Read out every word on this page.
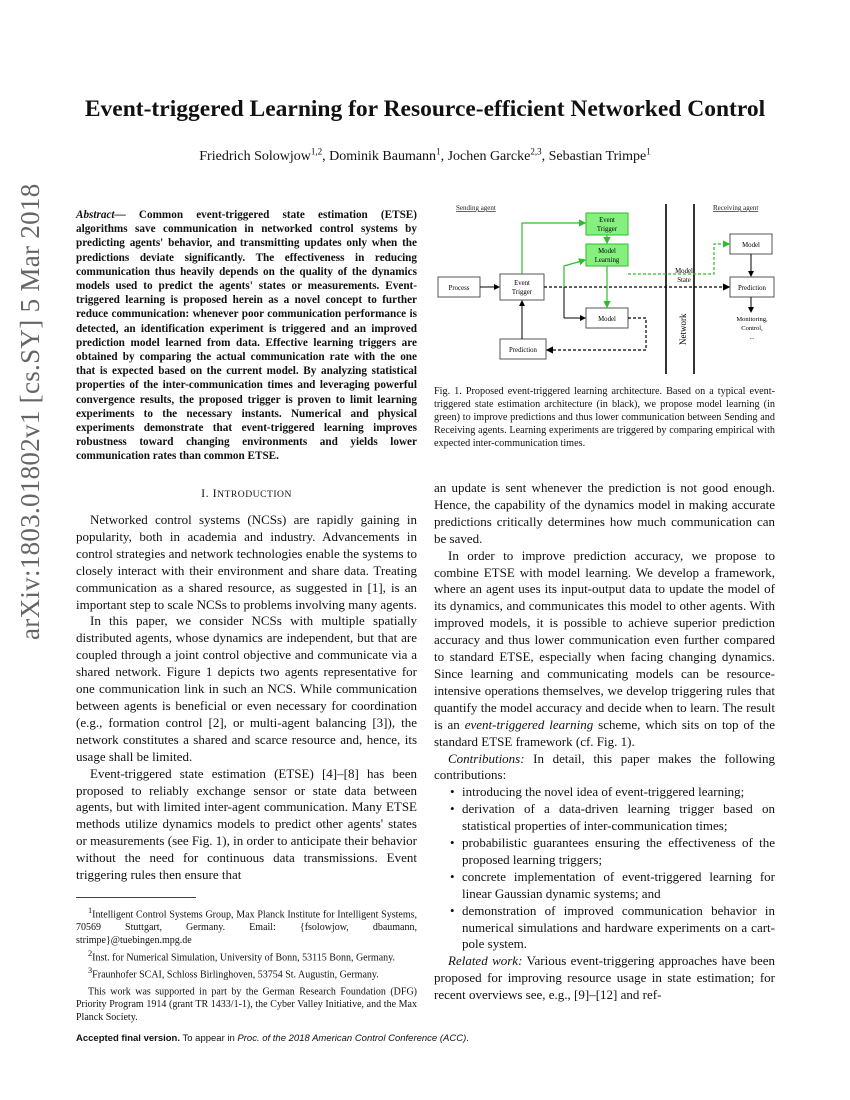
arXiv:1803.01802v1 [cs.SY] 5 Mar 2018
Event-triggered Learning for Resource-efficient Networked Control
Friedrich Solowjow$^{1,2}$, Dominik Baumann$^1$, Jochen Garcke$^{2,3}$, Sebastian Trimpe$^1$
Abstract— Common event-triggered state estimation (ETSE) algorithms save communication in networked control systems by predicting agents' behavior, and transmitting updates only when the predictions deviate significantly. The effectiveness in reducing communication thus heavily depends on the quality of the dynamics models used to predict the agents' states or measurements. Event-triggered learning is proposed herein as a novel concept to further reduce communication: whenever poor communication performance is detected, an identification experiment is triggered and an improved prediction model learned from data. Effective learning triggers are obtained by comparing the actual communication rate with the one that is expected based on the current model. By analyzing statistical properties of the inter-communication times and leveraging powerful convergence results, the proposed trigger is proven to limit learning experiments to the necessary instants. Numerical and physical experiments demonstrate that event-triggered learning improves robustness toward changing environments and yields lower communication rates than common ETSE.
I. INTRODUCTION

Networked control systems (NCSs) are rapidly gaining in popularity, both in academia and industry. Advancements in control strategies and network technologies enable the systems to closely interact with their environment and share data. Treating communication as a shared resource, as suggested in [1], is an important step to scale NCSs to problems involving many agents.

In this paper, we consider NCSs with multiple spatially distributed agents, whose dynamics are independent, but that are coupled through a joint control objective and communicate via a shared network. Figure 1 depicts two agents representative for one communication link in such an NCS. While communication between agents is beneficial or even necessary for coordination (e.g., formation control [2], or multi-agent balancing [3]), the network constitutes a shared and scarce resource and, hence, its usage shall be limited.

Event-triggered state estimation (ETSE) [4]–[8] has been proposed to reliably exchange sensor or state data between agents, but with limited inter-agent communication. Many ETSE methods utilize dynamics models to predict other agents' states or measurements (see Fig. 1), in order to anticipate their behavior without the need for continuous data transmissions. Event triggering rules then ensure that

$^1$Intelligent Control Systems Group, Max Planck Institute for Intelligent Systems, 70569 Stuttgart, Germany. Email: {fsolowjow, dbaumann, strimpe}@tuebingen.mpg.de

$^2$Inst. for Numerical Simulation, University of Bonn, 53115 Bonn, Germany.

$^3$Fraunhofer SCAI, Schloss Birlinghoven, 53754 St. Augustin, Germany.

This work was supported in part by the German Research Foundation (DFG) Priority Program 1914 (grant TR 1433/1-1), the Cyber Valley Initiative, and the Max Planck Society.

Sending agent	Receiving agent
Network
Event
Trigger
Model
Learning
Process
Event
Trigger
Model
Prediction
Model
Prediction
Model
State
Monitoring,
Control,
...
Fig. 1. Proposed event-triggered learning architecture. Based on a typical event-triggered state estimation architecture (in black), we propose model learning (in green) to improve predictions and thus lower communication between Sending and Receiving agents. Learning experiments are triggered by comparing empirical with expected inter-communication times.

an update is sent whenever the prediction is not good enough. Hence, the capability of the dynamics model in making accurate predictions critically determines how much communication can be saved.

In order to improve prediction accuracy, we propose to combine ETSE with model learning. We develop a framework, where an agent uses its input-output data to update the model of its dynamics, and communicates this model to other agents. With improved models, it is possible to achieve superior prediction accuracy and thus lower communication even further compared to standard ETSE, especially when facing changing dynamics. Since learning and communicating models can be resource-intensive operations themselves, we develop triggering rules that quantify the model accuracy and decide when to learn. The result is an event-triggered learning scheme, which sits on top of the standard ETSE framework (cf. Fig. 1).

Contributions: In detail, this paper makes the following contributions:

• introducing the novel idea of event-triggered learning;
• derivation of a data-driven learning trigger based on statistical properties of inter-communication times;
• probabilistic guarantees ensuring the effectiveness of the proposed learning triggers;
• concrete implementation of event-triggered learning for linear Gaussian dynamic systems; and
• demonstration of improved communication behavior in numerical simulations and hardware experiments on a cart-pole system.

Related work: Various event-triggering approaches have been proposed for improving resource usage in state estimation; for recent overviews see, e.g., [9]–[12] and ref-

Accepted final version. To appear in Proc. of the 2018 American Control Conference (ACC).
